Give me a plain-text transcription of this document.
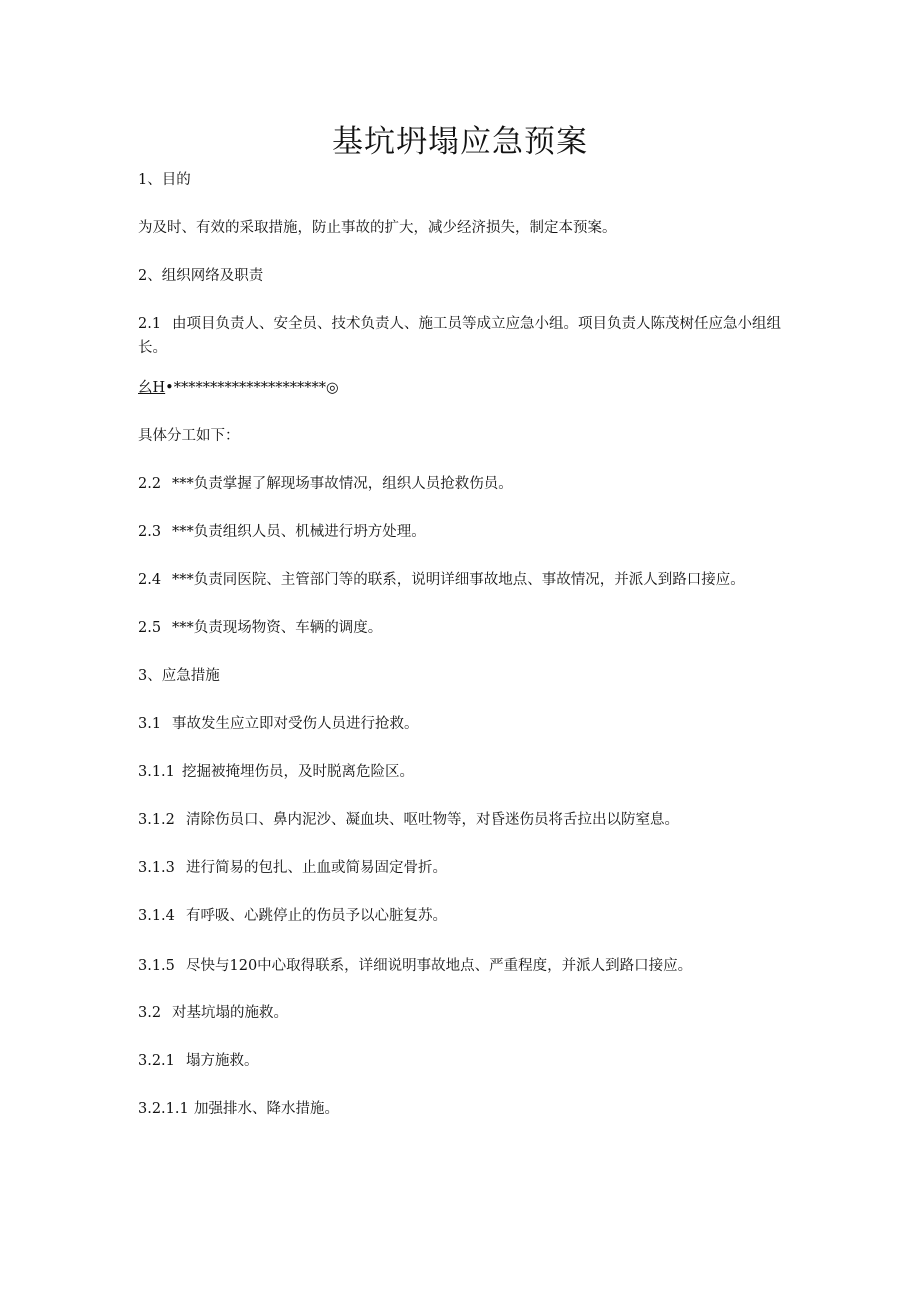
基坑坍塌应急预案
1、目的
为及时、有效的采取措施，防止事故的扩大，减少经济损失，制定本预案。
2、组织网络及职责
2.1 由项目负责人、安全员、技术负责人、施工员等成立应急小组。项目负责人陈茂树任应急小组组长。
幺H•*********************◎
具体分工如下：
2.2 ***负责掌握了解现场事故情况，组织人员抢救伤员。
2.3 ***负责组织人员、机械进行坍方处理。
2.4 ***负责同医院、主管部门等的联系，说明详细事故地点、事故情况，并派人到路口接应。
2.5 ***负责现场物资、车辆的调度。
3、应急措施
3.1 事故发生应立即对受伤人员进行抢救。
3.1.1 挖掘被掩埋伤员，及时脱离危险区。
3.1.2 清除伤员口、鼻内泥沙、凝血块、呕吐物等，对昏迷伤员将舌拉出以防窒息。
3.1.3 进行简易的包扎、止血或简易固定骨折。
3.1.4 有呼吸、心跳停止的伤员予以心脏复苏。
3.1.5 尽快与120中心取得联系，详细说明事故地点、严重程度，并派人到路口接应。
3.2 对基坑塌的施救。
3.2.1 塌方施救。
3.2.1.1 加强排水、降水措施。
